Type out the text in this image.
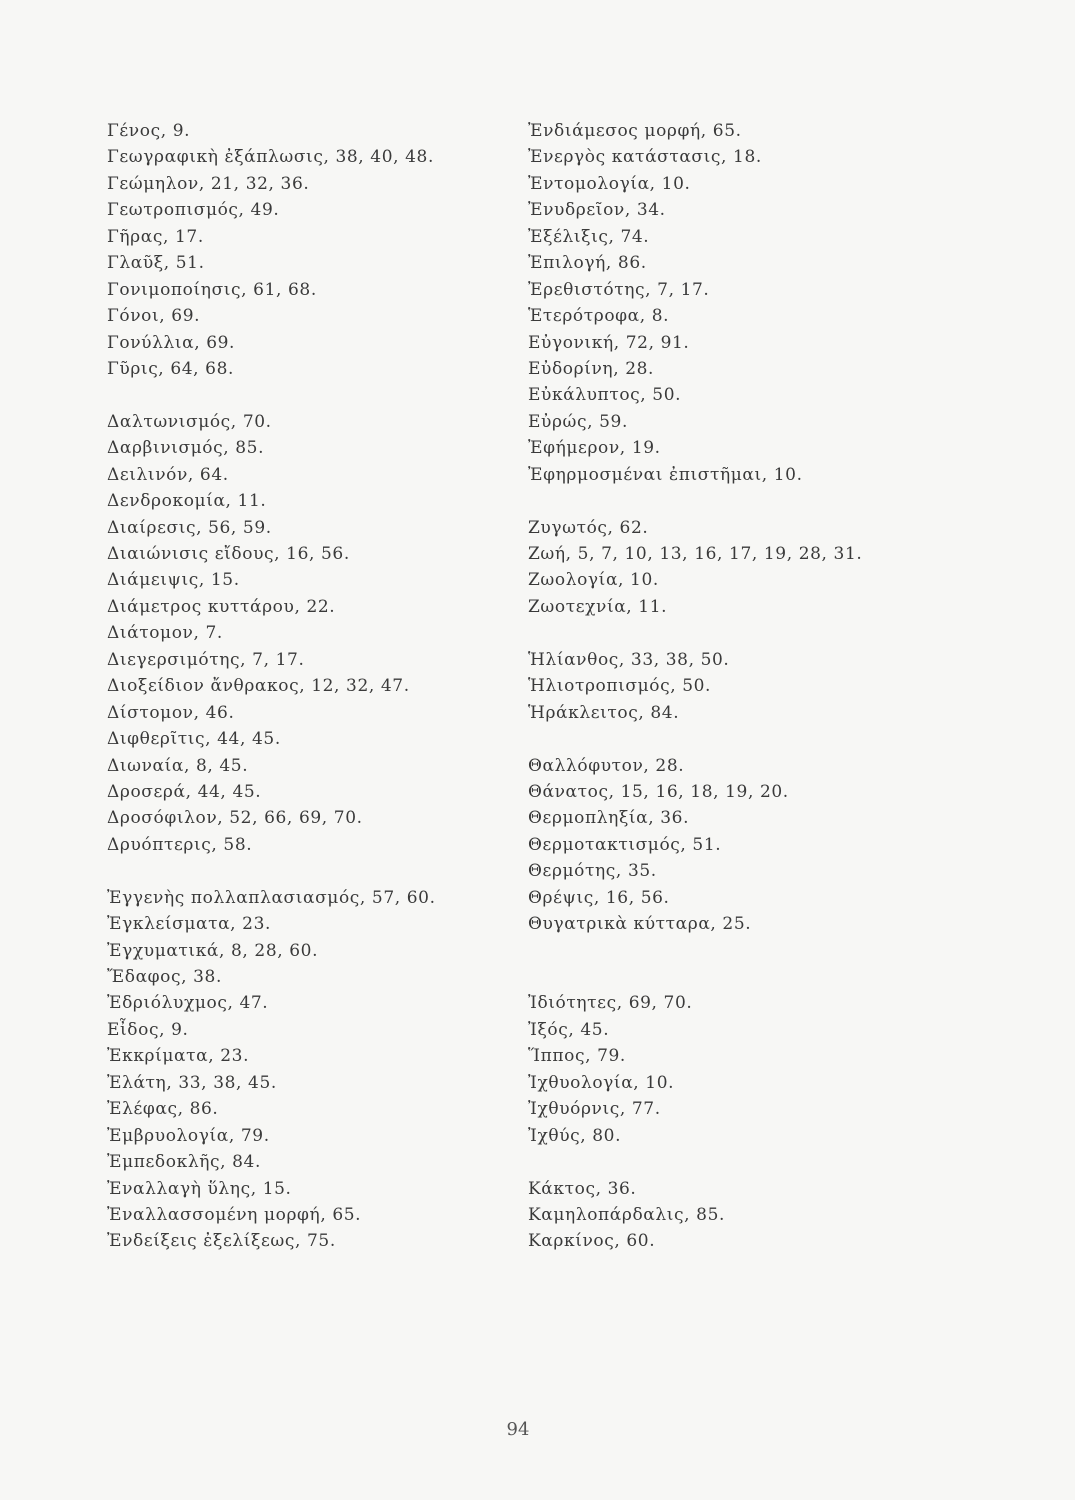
Γένος, 9.
Γεωγραφικὴ ἐξάπλωσις, 38, 40, 48.
Γεώμηλον, 21, 32, 36.
Γεωτροπισμός, 49.
Γῆρας, 17.
Γλαῦξ, 51.
Γονιμοποίησις, 61, 68.
Γόνοι, 69.
Γονύλλια, 69.
Γῦρις, 64, 68.
Δαλτωνισμός, 70.
Δαρβινισμός, 85.
Δειλινόν, 64.
Δενδροκομία, 11.
Διαίρεσις, 56, 59.
Διαιώνισις εἴδους, 16, 56.
Διάμειψις, 15.
Διάμετρος κυττάρου, 22.
Διάτομον, 7.
Διεγερσιμότης, 7, 17.
Διοξείδιον ἄνθρακος, 12, 32, 47.
Δίστομον, 46.
Διφθερῖτις, 44, 45.
Διωναία, 8, 45.
Δροσερά, 44, 45.
Δροσόφιλον, 52, 66, 69, 70.
Δρυόπτερις, 58.
Ἐγγενὴς πολλαπλασιασμός, 57, 60.
Ἐγκλείσματα, 23.
Ἐγχυματικά, 8, 28, 60.
Ἔδαφος, 38.
Ἐδριόλυχμος, 47.
Εἶδος, 9.
Ἐκκρίματα, 23.
Ἐλάτη, 33, 38, 45.
Ἐλέφας, 86.
Ἐμβρυολογία, 79.
Ἐμπεδοκλῆς, 84.
Ἐναλλαγὴ ὕλης, 15.
Ἐναλλασσομένη μορφή, 65.
Ἐνδείξεις ἐξελίξεως, 75.
Ἐνδιάμεσος μορφή, 65.
Ἐνεργὸς κατάστασις, 18.
Ἐντομολογία, 10.
Ἐνυδρεῖον, 34.
Ἐξέλιξις, 74.
Ἐπιλογή, 86.
Ἐρεθιστότης, 7, 17.
Ἑτερότροφα, 8.
Εὐγονική, 72, 91.
Εὐδορίνη, 28.
Εὐκάλυπτος, 50.
Εὐρώς, 59.
Ἐφήμερον, 19.
Ἐφηρμοσμέναι ἐπιστῆμαι, 10.
Ζυγωτός, 62.
Ζωή, 5, 7, 10, 13, 16, 17, 19, 28, 31.
Ζωολογία, 10.
Ζωοτεχνία, 11.
Ἡλίανθος, 33, 38, 50.
Ἡλιοτροπισμός, 50.
Ἡράκλειτος, 84.
Θαλλόφυτον, 28.
Θάνατος, 15, 16, 18, 19, 20.
Θερμοπληξία, 36.
Θερμοτακτισμός, 51.
Θερμότης, 35.
Θρέψις, 16, 56.
Θυγατρικὰ κύτταρα, 25.
Ἰδιότητες, 69, 70.
Ἰξός, 45.
Ἵππος, 79.
Ἰχθυολογία, 10.
Ἰχθυόρνις, 77.
Ἰχθύς, 80.
Κάκτος, 36.
Καμηλοπάρδαλις, 85.
Καρκίνος, 60.
94
